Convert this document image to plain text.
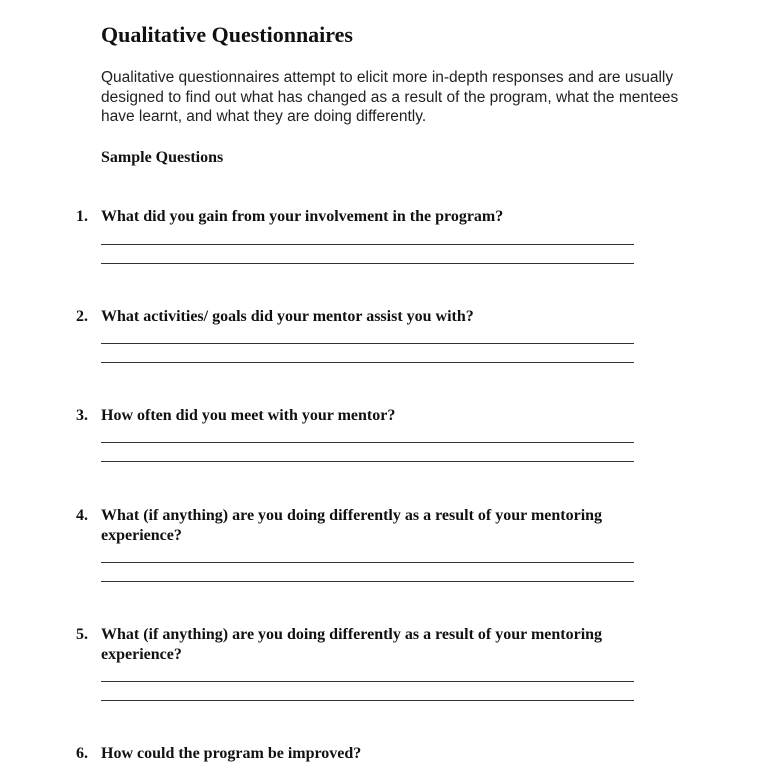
Qualitative Questionnaires

Qualitative questionnaires attempt to elicit more in-depth responses and are usually designed to find out what has changed as a result of the program, what the mentees have learnt, and what they are doing differently.

Sample Questions
1. What did you gain from your involvement in the program?
2. What activities/ goals did your mentor assist you with?
3. How often did you meet with your mentor?
4. What (if anything) are you doing differently as a result of your mentoring experience?
5. What (if anything) are you doing differently as a result of your mentoring experience?
6. How could the program be improved?
